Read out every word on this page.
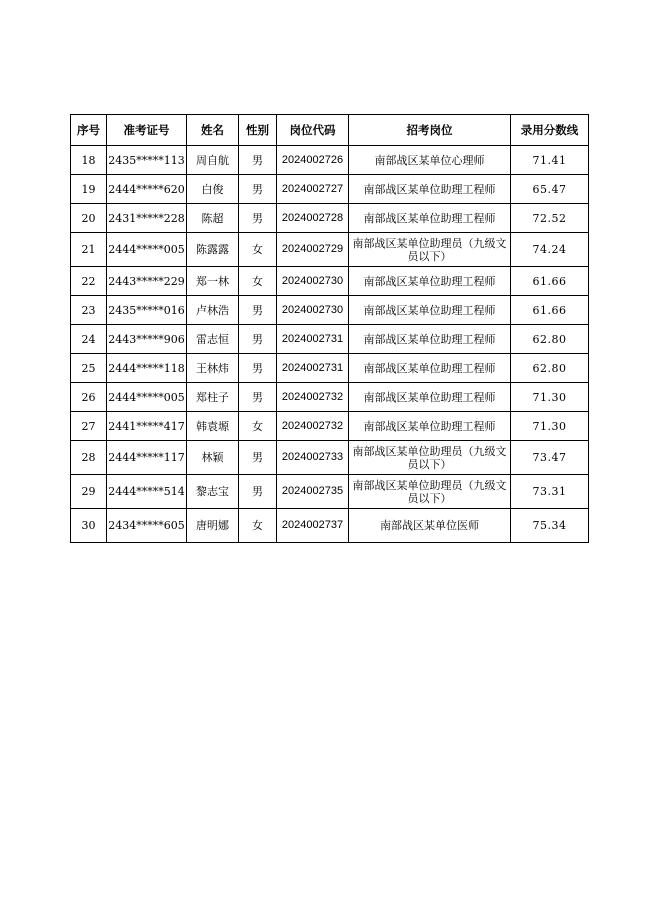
序号	准考证号	姓名	性别	岗位代码	招考岗位	录用分数线
18	2435*****113	周自航	男	2024002726	南部战区某单位心理师	71.41
19	2444*****620	白俊	男	2024002727	南部战区某单位助理工程师	65.47
20	2431*****228	陈超	男	2024002728	南部战区某单位助理工程师	72.52
21	2444*****005	陈露露	女	2024002729	南部战区某单位助理员（九级文员以下）	74.24
22	2443*****229	郑一林	女	2024002730	南部战区某单位助理工程师	61.66
23	2435*****016	卢林浩	男	2024002730	南部战区某单位助理工程师	61.66
24	2443*****906	雷志恒	男	2024002731	南部战区某单位助理工程师	62.80
25	2444*****118	王林炜	男	2024002731	南部战区某单位助理工程师	62.80
26	2444*****005	郑柱子	男	2024002732	南部战区某单位助理工程师	71.30
27	2441*****417	韩袁塬	女	2024002732	南部战区某单位助理工程师	71.30
28	2444*****117	林颖	男	2024002733	南部战区某单位助理员（九级文员以下）	73.47
29	2444*****514	黎志宝	男	2024002735	南部战区某单位助理员（九级文员以下）	73.31
30	2434*****605	唐明娜	女	2024002737	南部战区某单位医师	75.34
